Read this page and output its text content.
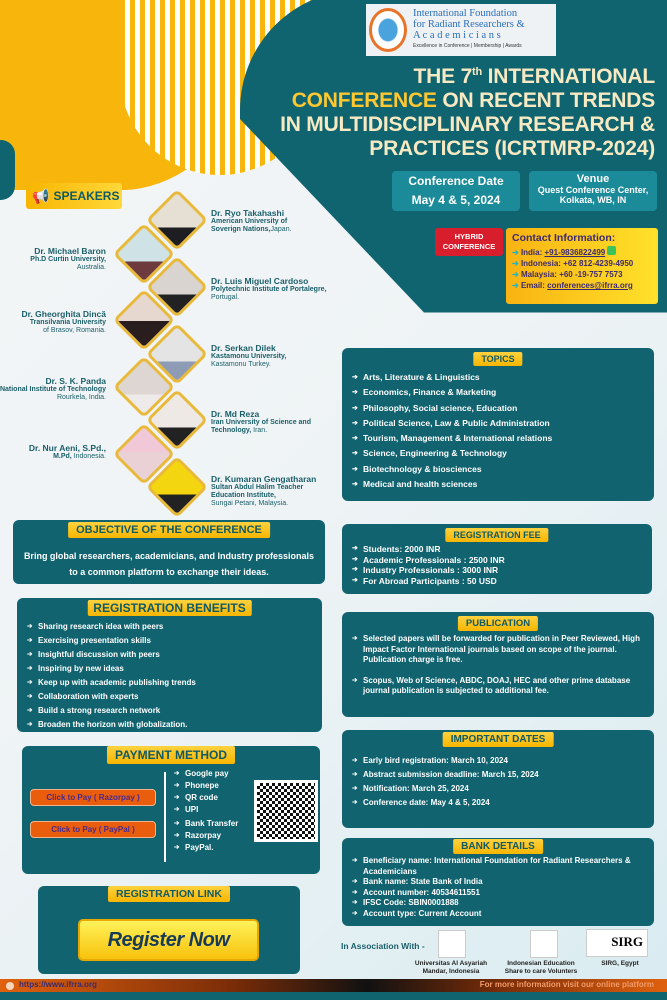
International Foundation
for Radiant Researchers &
A c a d e m i c i a n s
Excellence in Conference | Membership | Awards
THE 7th INTERNATIONAL
CONFERENCE ON RECENT TRENDS
IN MULTIDISCIPLINARY RESEARCH &
PRACTICES (ICRTMRP-2024)
Conference Date
May 4 & 5, 2024
Venue
Quest Conference Center,
Kolkata, WB, IN
HYBRID
CONFERENCE
Contact Information:
➔ India: +91-9836822499
➔ Indonesia: +62 812-4239-4950
➔ Malaysia: +60 -19-757 7573
➔ Email: conferences@ifrra.org
📢 SPEAKERS
Dr. Ryo Takahashi
American University of
Soverign Nations,Japan.
Dr. Michael Baron
Ph.D Curtin University,
Australia.
Dr. Luis Miguel Cardoso
Polytechnic Institute of Portalegre,
Portugal.
Dr. Gheorghita Dincă
Transilvania University
of Brasov, Romania.
Dr. Serkan Dilek
Kastamonu University,
Kastamonu Turkey.
Dr. S. K. Panda
National Institute of Technology
Rourkela, India.
Dr. Md Reza
Iran University of Science and Technology, Iran.
Dr. Nur Aeni, S.Pd.,
M.Pd, Indonesia.
Dr. Kumaran Gengatharan
Sultan Abdul Halim Teacher Education Institute,
Sungai Petani, Malaysia.
TOPICS
➔ Arts, Literature & Linguistics
➔ Economics, Finance & Marketing
➔ Philosophy, Social science, Education
➔ Political Science, Law & Public Administration
➔ Tourism, Management & International relations
➔ Science, Engineering & Technology
➔ Biotechnology & biosciences
➔ Medical and health sciences
OBJECTIVE OF THE CONFERENCE
Bring global researchers, academicians, and Industry professionals to a common platform to exchange their ideas.
REGISTRATION FEE
➔ Students: 2000 INR
➔ Academic Professionals : 2500 INR
➔ Industry Professionals : 3000 INR
➔ For Abroad Participants : 50 USD
REGISTRATION BENEFITS
➔ Sharing research idea with peers
➔ Exercising presentation skills
➔ Insightful discussion with peers
➔ Inspiring by new ideas
➔ Keep up with academic publishing trends
➔ Collaboration with experts
➔ Build a strong research network
➔ Broaden the horizon with globalization.
PUBLICATION
➔ Selected papers will be forwarded for publication in Peer Reviewed, High Impact Factor International journals based on scope of the journal. Publication charge is free.
➔ Scopus, Web of Science, ABDC, DOAJ, HEC and other prime database journal publication is subjected to additional fee.
PAYMENT METHOD
Click to Pay ( Razorpay )
Click to Pay ( PayPal )
➔ Google pay
➔ Phonepe
➔ QR code
➔ UPI
➔ Bank Transfer
➔ Razorpay
➔ PayPal.
IMPORTANT DATES
➔ Early bird registration: March 10, 2024
➔ Abstract submission deadline: March 15, 2024
➔ Notification: March 25, 2024
➔ Conference date: May 4 & 5, 2024
BANK DETAILS
➔ Beneficiary name: International Foundation for Radiant Researchers & Academicians
➔ Bank name: State Bank of India
➔ Account number: 40534611551
➔ IFSC Code: SBIN0001888
➔ Account type: Current Account
In Association With -	SIRG
Universitas Al Asyariah Mandar, Indonesia
Indonesian Education Share to care Volunters
SIRG, Egypt
REGISTRATION LINK
Register Now
https://www.ifrra.org	For more information visit our online platform
